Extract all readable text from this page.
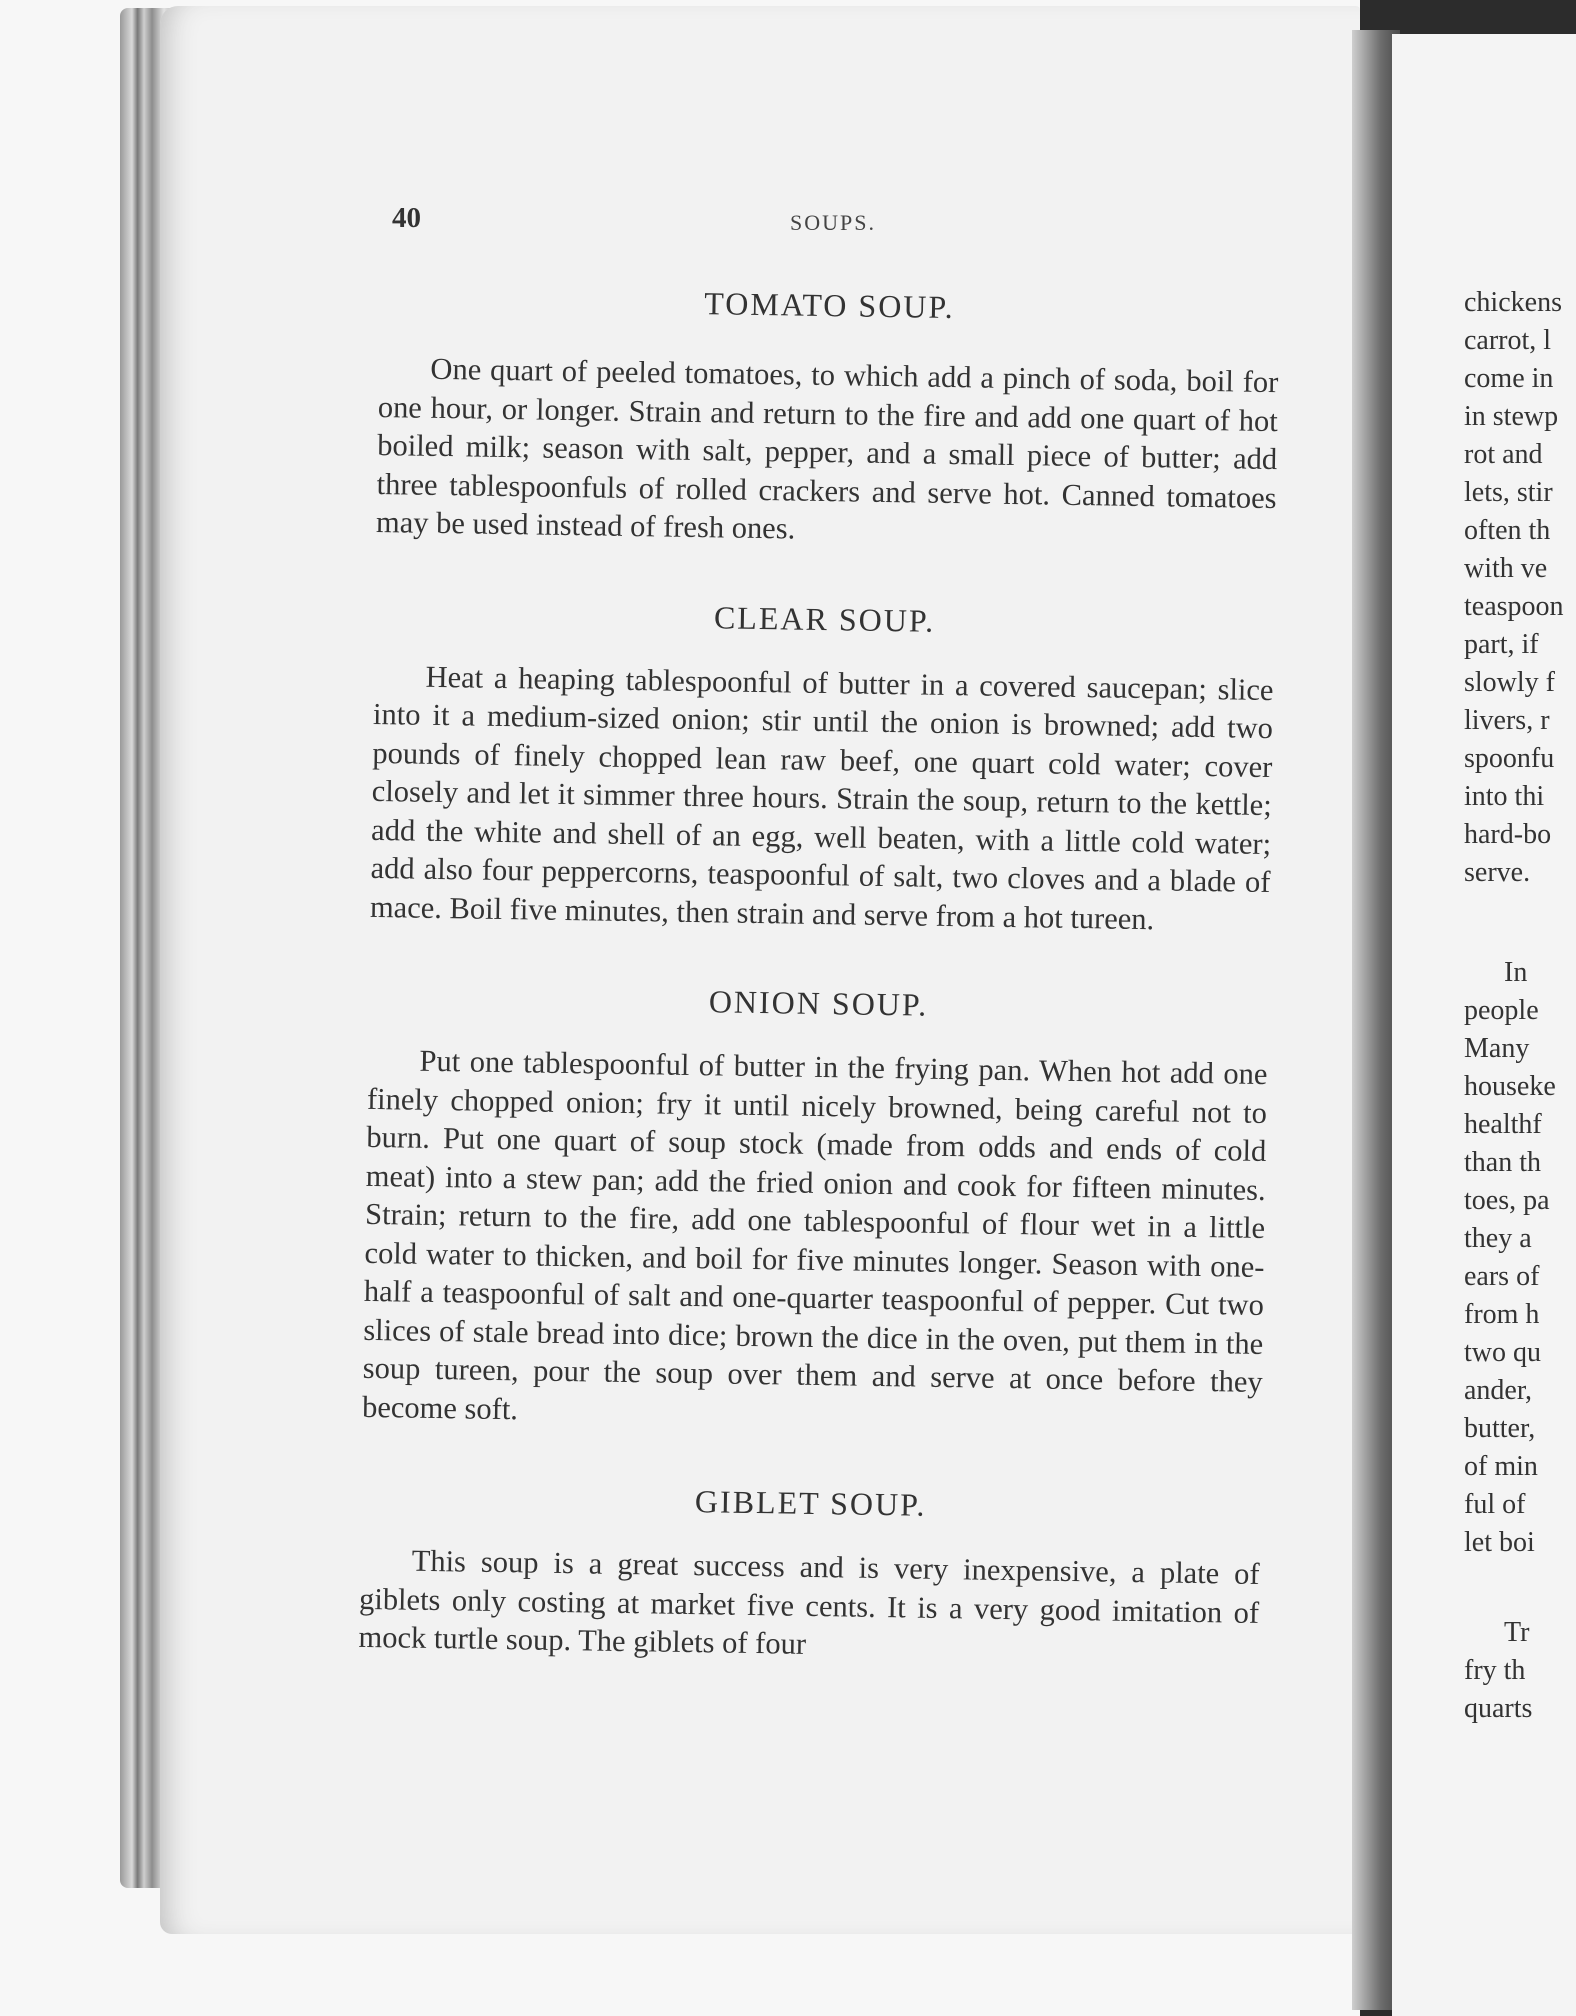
40	SOUPS.
TOMATO SOUP.

One quart of peeled tomatoes, to which add a pinch of soda, boil for one hour, or longer. Strain and return to the fire and add one quart of hot boiled milk; season with salt, pepper, and a small piece of butter; add three tablespoonfuls of rolled crackers and serve hot. Canned tomatoes may be used instead of fresh ones.

CLEAR SOUP.

Heat a heaping tablespoonful of butter in a covered saucepan; slice into it a medium-sized onion; stir until the onion is browned; add two pounds of finely chopped lean raw beef, one quart cold water; cover closely and let it simmer three hours. Strain the soup, return to the kettle; add the white and shell of an egg, well beaten, with a little cold water; add also four peppercorns, teaspoonful of salt, two cloves and a blade of mace. Boil five minutes, then strain and serve from a hot tureen.

ONION SOUP.

Put one tablespoonful of butter in the frying pan. When hot add one finely chopped onion; fry it until nicely browned, being careful not to burn. Put one quart of soup stock (made from odds and ends of cold meat) into a stew pan; add the fried onion and cook for fifteen minutes. Strain; return to the fire, add one tablespoonful of flour wet in a little cold water to thicken, and boil for five minutes longer. Season with one-half a teaspoonful of salt and one-quarter teaspoonful of pepper. Cut two slices of stale bread into dice; brown the dice in the oven, put them in the soup tureen, pour the soup over them and serve at once before they become soft.

GIBLET SOUP.

This soup is a great success and is very inexpensive, a plate of giblets only costing at market five cents. It is a very good imitation of mock turtle soup. The giblets of four

chickens
carrot, l
come in
in stewp
rot and
lets, stir
often th
with ve
teaspoon
part, if
slowly f
livers, r
spoonfu
into thi
hard-bo
serve.
In
people
Many
houseke
healthf
than th
toes, pa
they a
ears of
from h
two qu
ander,
butter,
of min
ful of
let boi
Tr
fry th
quarts
